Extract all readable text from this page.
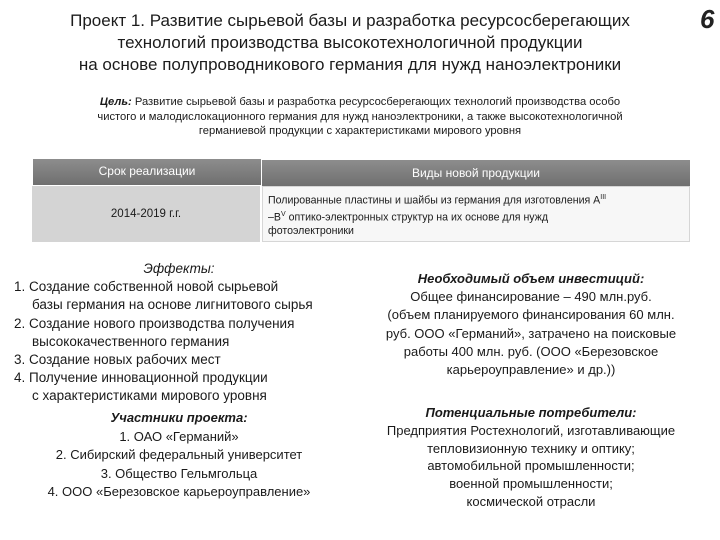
6
Проект 1. Развитие сырьевой базы и разработка ресурсосберегающих
технологий производства высокотехнологичной продукции
на основе полупроводникового германия для нужд наноэлектроники
Цель: Развитие сырьевой базы и разработка ресурсосберегающих технологий производства особо
чистого и малодислокационного германия для нужд наноэлектроники, а также высокотехнологичной
германиевой продукции с характеристиками мирового уровня
Срок реализации	Виды новой продукции
2014-2019 г.г.
Полированные пластины и шайбы из германия для изготовления $A^{III}$
$-B^V$ оптико-электронных структур на их основе для нужд
фотоэлектроники
Эффекты:
1. Создание собственной новой сырьевой
базы германия на основе лигнитового сырья
2. Создание нового производства получения
высококачественного германия
3. Создание новых рабочих мест
4. Получение инновационной продукции
с характеристиками мирового уровня
Необходимый объем инвестиций:
Общее финансирование – 490 млн.руб.
(объем планируемого финансирования 60 млн.
руб. ООО «Германий», затрачено на поисковые
работы 400 млн. руб. (ООО «Березовское
карьероуправление» и др.))
Участники проекта:
1. ОАО «Германий»
2. Сибирский федеральный университет
3. Общество Гельмгольца
4. ООО «Березовское карьероуправление»
Потенциальные потребители:
Предприятия Ростехнологий, изготавливающие
тепловизионную технику и оптику;
автомобильной промышленности;
военной промышленности;
космической отрасли
